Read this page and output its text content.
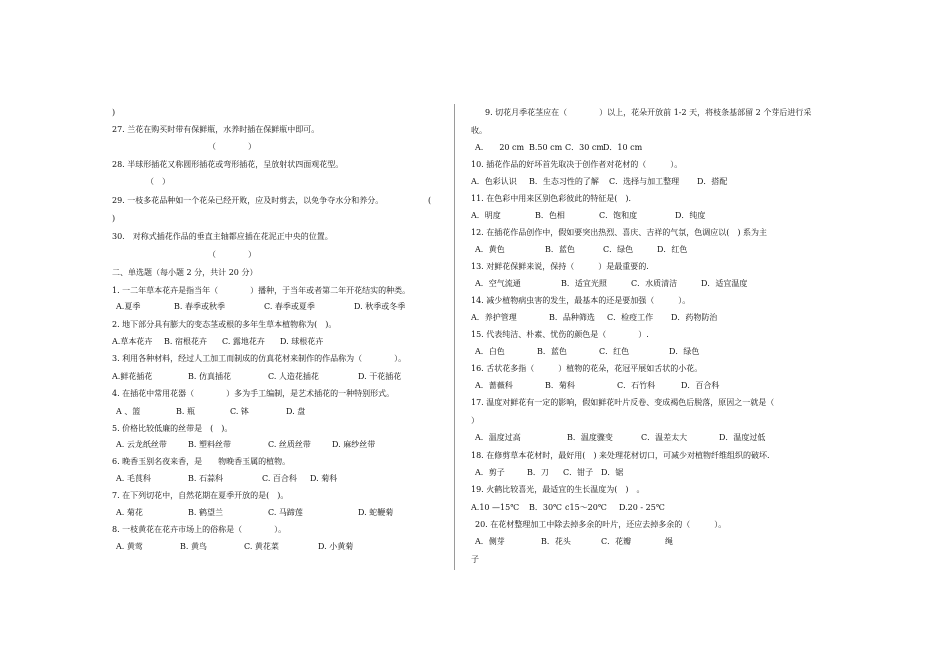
)
27. 兰花在购买时带有保鲜瓶，水养时插在保鲜瓶中即可。
（　　　　）
28. 半球形插花又称圆形插花或弯形插花，呈放射状四面观花型。
（　）
29. 一枝多花品种如一个花朵已经开败，应及时剪去，以免争夺水分和养分。	(
)
30.　对称式插花作品的垂直主轴都应插在花泥正中央的位置。
（　　　　）
二、单选题（每小题 2 分，共计 20 分）
1. 一二年草本花卉是指当年（　　　　）播种，于当年或者第二年开花结实的种类。
A.夏季	B. 春季或秋季	C. 春季或夏季	D. 秋季或冬季
2. 地下部分具有膨大的变态茎或根的多年生草本植物称为(　)。
A.草本花卉 B. 宿根花卉 C. 露地花卉 D. 球根花卉
3. 利用各种材料，经过人工加工而制成的仿真花材来制作的作品称为（　　　　）。
A.鲜花插花	B. 仿真插花	C. 人造花插花	D. 干花插花
4. 在插花中常用花器（　　　　）多为手工编制，是艺术插花的一种特别形式。
A 、篮	B. 瓶	C. 钵	D. 盘
5. 价格比较低廉的丝带是　(　)。
A. 云龙纸丝带	B. 塑料丝带	C. 丝质丝带	D. 麻纱丝带
6. 晚香玉别名夜来香，是　　物晚香玉属的植物。
A. 毛茛科	B. 石蒜科	C. 百合科 D. 菊科
7. 在下列切花中，自然花期在夏季开放的是(　)。
A. 菊花	B. 鹤望兰	C. 马蹄莲	D. 蛇鞭菊
8. 一枝黄花在花卉市场上的俗称是（　　　　）。
A. 黄莺	B. 黄鸟	C. 黄花菜	D. 小黄菊
9. 切花月季花茎应在（　　　　）以上，花朵开放前 1-2 天，将枝条基部留 2 个芽后进行采
收。
A.　　20 cm B.50 cm C．30 cm D．10 cm
10. 插花作品的好坏首先取决于创作者对花材的（　　　）。
A．色彩认识 B．生态习性的了解 C．选择与加工整理 D．搭配
11. 在色彩中用来区别色彩彼此的特征是(　)．
A．明度	B．色相	C．饱和度	D．纯度
12. 在插花作品创作中，假如要突出热烈、喜庆、吉祥的气氛，色调应以(　) 系为主
A．黄色	B．蓝色	C．绿色	D．红色
13. 对鲜花保鲜来说，保持（　　　）是最重要的.
A．空气流通	B．适宜光照	C．水质清洁	D．适宜温度
14. 减少植物病虫害的发生，最基本的还是要加强（　　　）。
A．养护管理	B．品种筛选 C．检疫工作 D．药物防治
15. 代表纯洁、朴素、忧伤的颜色是（　　　　）.
A．白色	B．蓝色	C．红色	D．绿色
16. 舌状花多指（　　　）植物的花朵，花冠平展如舌状的小花。
A．蔷薇科	B．菊科	C．石竹科	D．百合科
17. 温度对鲜花有一定的影响，假如鲜花叶片反卷、变成褐色后脱落，原因之一就是（
）
A．温度过高	B．温度骤变	C．温差太大	D．温度过低
18. 在修剪草本花材时，最好用(　) 来处理花材切口，可减少对植物纤维组织的破坏.
A．剪子	B．刀 C．钳子 D．锯
19. 火鹤比较喜光，最适宜的生长温度为(　)　。
A.10 —15℃ B．30℃ c15～20℃ D.20 - 25℃
20. 在花材整理加工中除去掉多余的叶片，还应去掉多余的（　　　）。
A．侧芽	B．花头	C．花瓣	绳
子
